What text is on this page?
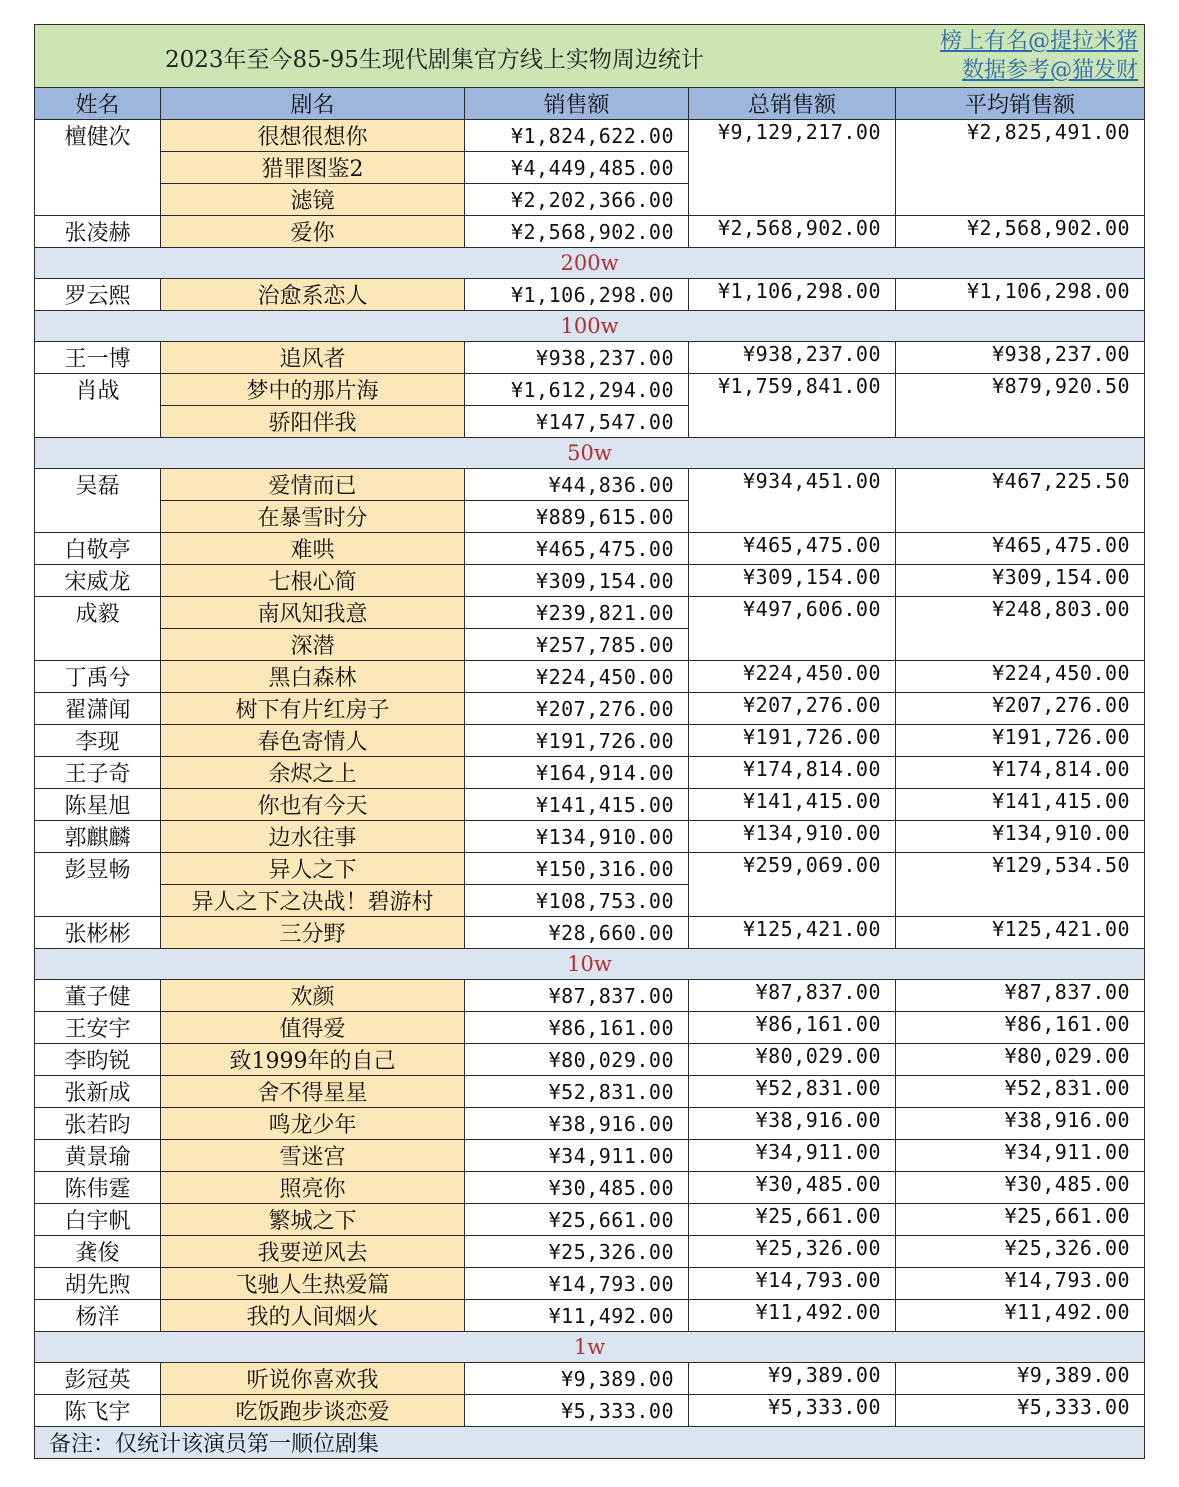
2023年至今85-95生现代剧集官方线上实物周边统计
榜上有名@提拉米猪
数据参考@猫发财				

姓名	剧名	销售额	总销售额	平均销售额
檀健次	很想很想你	¥1,824,622.00	¥9,129,217.00	¥2,825,491.00
	猎罪图鉴2	¥4,449,485.00		
	滤镜	¥2,202,366.00		
张凌赫	爱你	¥2,568,902.00	¥2,568,902.00	¥2,568,902.00
200w				
罗云熙	治愈系恋人	¥1,106,298.00	¥1,106,298.00	¥1,106,298.00
100w				
王一博	追风者	¥938,237.00	¥938,237.00	¥938,237.00
肖战	梦中的那片海	¥1,612,294.00	¥1,759,841.00	¥879,920.50
	骄阳伴我	¥147,547.00		
50w				
吴磊	爱情而已	¥44,836.00	¥934,451.00	¥467,225.50
	在暴雪时分	¥889,615.00		
白敬亭	难哄	¥465,475.00	¥465,475.00	¥465,475.00
宋威龙	七根心简	¥309,154.00	¥309,154.00	¥309,154.00
成毅	南风知我意	¥239,821.00	¥497,606.00	¥248,803.00
	深潜	¥257,785.00		
丁禹兮	黑白森林	¥224,450.00	¥224,450.00	¥224,450.00
翟潇闻	树下有片红房子	¥207,276.00	¥207,276.00	¥207,276.00
李现	春色寄情人	¥191,726.00	¥191,726.00	¥191,726.00
王子奇	余烬之上	¥164,914.00	¥174,814.00	¥174,814.00
陈星旭	你也有今天	¥141,415.00	¥141,415.00	¥141,415.00
郭麒麟	边水往事	¥134,910.00	¥134,910.00	¥134,910.00
彭昱畅	异人之下	¥150,316.00	¥259,069.00	¥129,534.50
	异人之下之决战！碧游村	¥108,753.00		
张彬彬	三分野	¥28,660.00	¥125,421.00	¥125,421.00
10w				
董子健	欢颜	¥87,837.00	¥87,837.00	¥87,837.00
王安宇	值得爱	¥86,161.00	¥86,161.00	¥86,161.00
李昀锐	致1999年的自己	¥80,029.00	¥80,029.00	¥80,029.00
张新成	舍不得星星	¥52,831.00	¥52,831.00	¥52,831.00
张若昀	鸣龙少年	¥38,916.00	¥38,916.00	¥38,916.00
黄景瑜	雪迷宫	¥34,911.00	¥34,911.00	¥34,911.00
陈伟霆	照亮你	¥30,485.00	¥30,485.00	¥30,485.00
白宇帆	繁城之下	¥25,661.00	¥25,661.00	¥25,661.00
龚俊	我要逆风去	¥25,326.00	¥25,326.00	¥25,326.00
胡先煦	飞驰人生热爱篇	¥14,793.00	¥14,793.00	¥14,793.00
杨洋	我的人间烟火	¥11,492.00	¥11,492.00	¥11,492.00
1w				
彭冠英	听说你喜欢我	¥9,389.00	¥9,389.00	¥9,389.00
陈飞宇	吃饭跑步谈恋爱	¥5,333.00	¥5,333.00	¥5,333.00
备注：仅统计该演员第一顺位剧集				
